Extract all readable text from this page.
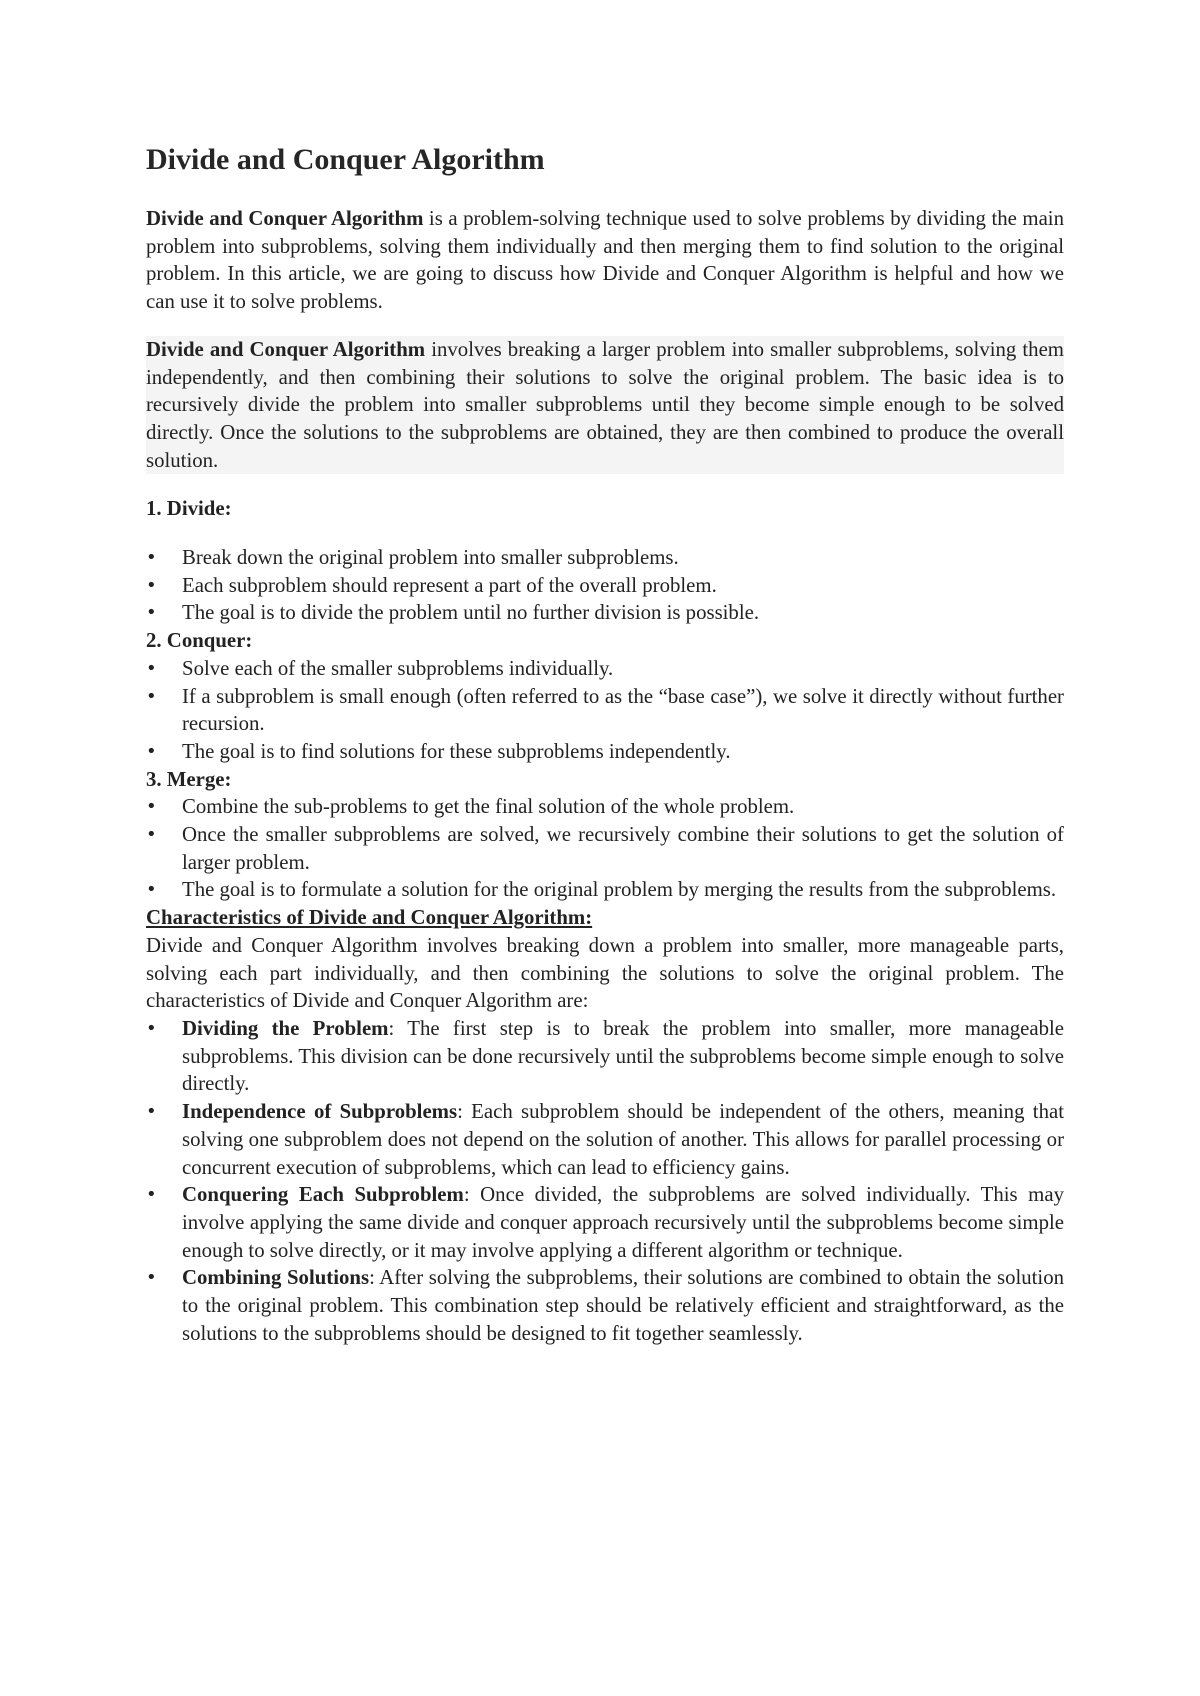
Divide and Conquer Algorithm

Divide and Conquer Algorithm is a problem-solving technique used to solve problems by dividing the main problem into subproblems, solving them individually and then merging them to find solution to the original problem. In this article, we are going to discuss how Divide and Conquer Algorithm is helpful and how we can use it to solve problems.

Divide and Conquer Algorithm involves breaking a larger problem into smaller subproblems, solving them independently, and then combining their solutions to solve the original problem. The basic idea is to recursively divide the problem into smaller subproblems until they become simple enough to be solved directly. Once the solutions to the subproblems are obtained, they are then combined to produce the overall solution.

1. Divide:

• Break down the original problem into smaller subproblems.
• Each subproblem should represent a part of the overall problem.
• The goal is to divide the problem until no further division is possible.

2. Conquer:

• Solve each of the smaller subproblems individually.
• If a subproblem is small enough (often referred to as the “base case”), we solve it directly without further recursion.
• The goal is to find solutions for these subproblems independently.

3. Merge:

• Combine the sub-problems to get the final solution of the whole problem.
• Once the smaller subproblems are solved, we recursively combine their solutions to get the solution of larger problem.
• The goal is to formulate a solution for the original problem by merging the results from the subproblems.

Characteristics of Divide and Conquer Algorithm:

Divide and Conquer Algorithm involves breaking down a problem into smaller, more manageable parts, solving each part individually, and then combining the solutions to solve the original problem. The characteristics of Divide and Conquer Algorithm are:

• Dividing the Problem: The first step is to break the problem into smaller, more manageable subproblems. This division can be done recursively until the subproblems become simple enough to solve directly.
• Independence of Subproblems: Each subproblem should be independent of the others, meaning that solving one subproblem does not depend on the solution of another. This allows for parallel processing or concurrent execution of subproblems, which can lead to efficiency gains.
• Conquering Each Subproblem: Once divided, the subproblems are solved individually. This may involve applying the same divide and conquer approach recursively until the subproblems become simple enough to solve directly, or it may involve applying a different algorithm or technique.
• Combining Solutions: After solving the subproblems, their solutions are combined to obtain the solution to the original problem. This combination step should be relatively efficient and straightforward, as the solutions to the subproblems should be designed to fit together seamlessly.
